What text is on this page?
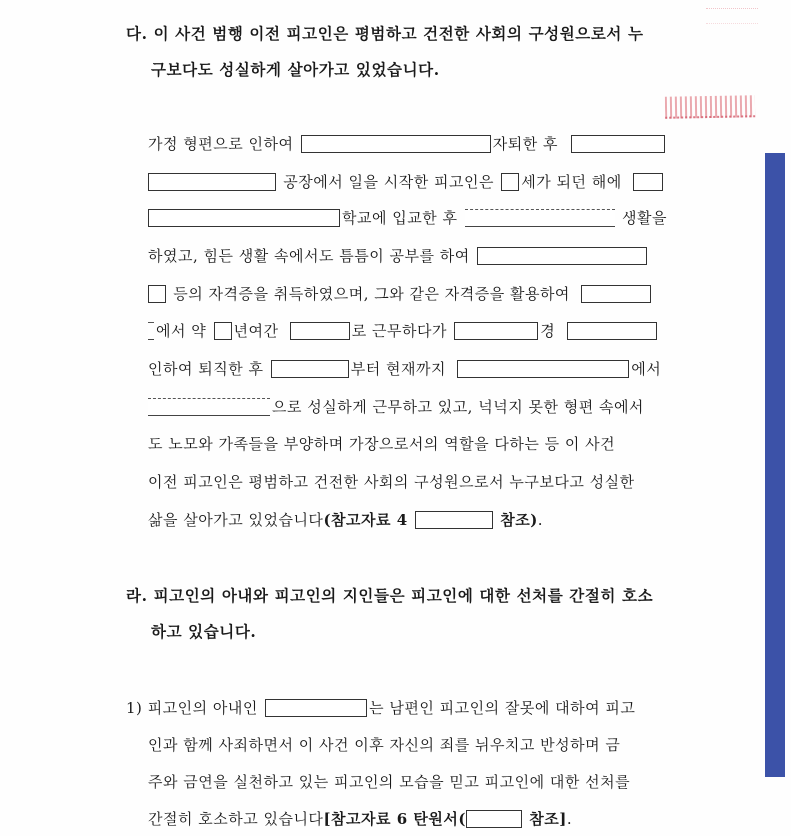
다. 이 사건 범행 이전 피고인은 평범하고 건전한 사회의 구성원으로서 누
구보다도 성실하게 살아가고 있었습니다.
가정 형편으로 인하여	자퇴한 후
공장에서 일을 시작한 피고인은 세가 되던 해에
학교에 입교한 후	생활을
하였고, 힘든 생활 속에서도 틈틈이 공부를 하여
등의 자격증을 취득하였으며, 그와 같은 자격증을 활용하여
에서 약 년여간	로 근무하다가	경
인하여 퇴직한 후	부터 현재까지	에서
으로 성실하게 근무하고 있고, 넉넉지 못한 형편 속에서
도 노모와 가족들을 부양하며 가장으로서의 역할을 다하는 등 이 사건
이전 피고인은 평범하고 건전한 사회의 구성원으로서 누구보다고 성실한
삶을 살아가고 있었습니다(참고자료 4	참조).
라. 피고인의 아내와 피고인의 지인들은 피고인에 대한 선처를 간절히 호소
하고 있습니다.
1) 피고인의 아내인	는 남편인 피고인의 잘못에 대하여 피고
인과 함께 사죄하면서 이 사건 이후 자신의 죄를 뉘우치고 반성하며 금
주와 금연을 실천하고 있는 피고인의 모습을 믿고 피고인에 대한 선처를
간절히 호소하고 있습니다[참고자료 6 탄원서(	참조].
